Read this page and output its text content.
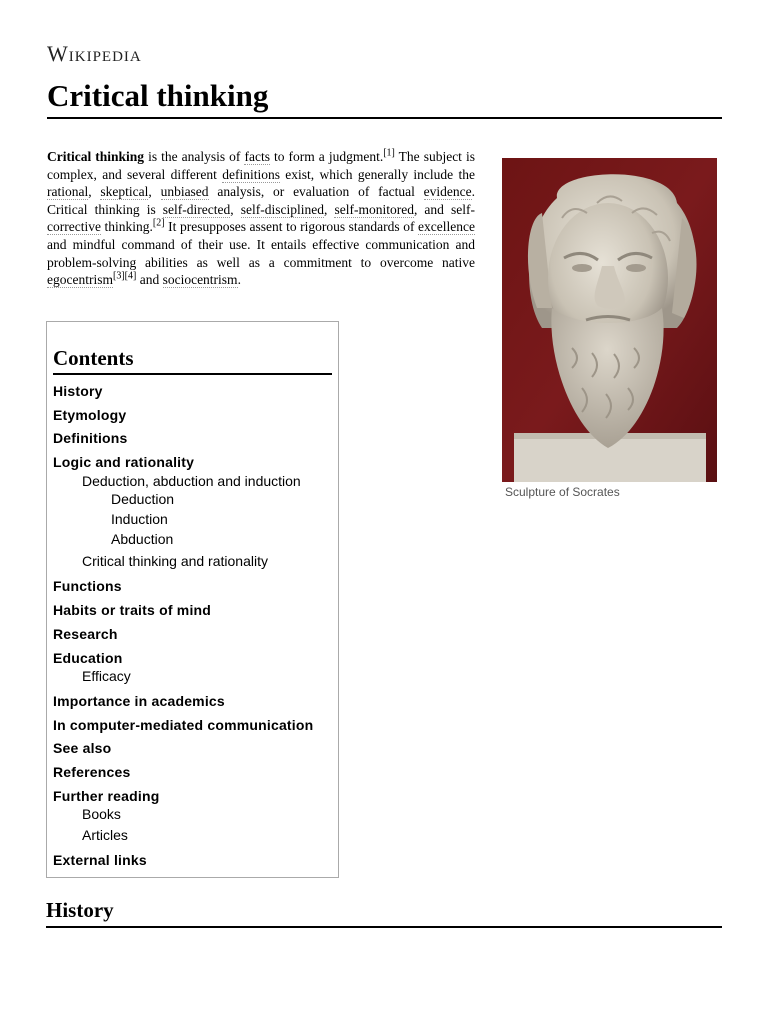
Wikipedia
Critical thinking

Critical thinking is the analysis of facts to form a judgment.[1] The subject is complex, and several different definitions exist, which generally include the rational, skeptical, unbiased analysis, or evaluation of factual evidence. Critical thinking is self-directed, self-disciplined, self-monitored, and self-corrective thinking.[2] It presupposes assent to rigorous standards of excellence and mindful command of their use. It entails effective communication and problem-solving abilities as well as a commitment to overcome native egocentrism[3][4] and sociocentrism.

Sculpture of Socrates
Contents
History
Etymology
Definitions
Logic and rationality
Deduction, abduction and induction
Deduction
Induction
Abduction
Critical thinking and rationality
Functions
Habits or traits of mind
Research
Education
Efficacy
Importance in academics
In computer-mediated communication
See also
References
Further reading
Books
Articles
External links
History
